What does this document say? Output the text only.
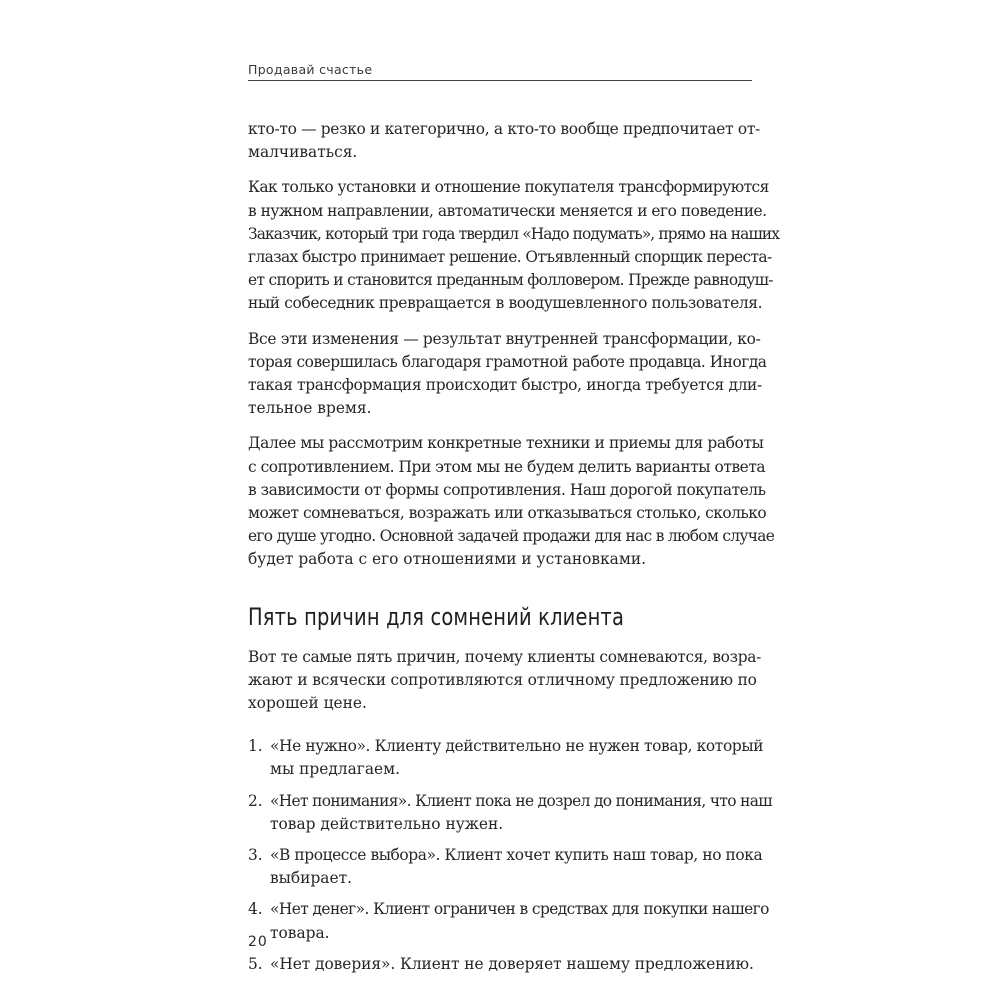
Продавай счастье

кто-то — резко и категорично, а кто-то вообще предпочитает от-
малчиваться.

Как только установки и отношение покупателя трансформируются
в нужном направлении, автоматически меняется и его поведение.
Заказчик, который три года твердил «Надо подумать», прямо на наших
глазах быстро принимает решение. Отъявленный спорщик переста-
ет спорить и становится преданным фолловером. Прежде равнодуш-
ный собеседник превращается в воодушевленного пользователя.

Все эти изменения — результат внутренней трансформации, ко-
торая совершилась благодаря грамотной работе продавца. Иногда
такая трансформация происходит быстро, иногда требуется дли-
тельное время.

Далее мы рассмотрим конкретные техники и приемы для работы
с сопротивлением. При этом мы не будем делить варианты ответа
в зависимости от формы сопротивления. Наш дорогой покупатель
может сомневаться, возражать или отказываться столько, сколько
его душе угодно. Основной задачей продажи для нас в любом случае
будет работа с его отношениями и установками.

Пять причин для сомнений клиента

Вот те самые пять причин, почему клиенты сомневаются, возра-
жают и всячески сопротивляются отличному предложению по
хорошей цене.

1. «Не нужно». Клиенту действительно не нужен товар, который
мы предлагаем.
2. «Нет понимания». Клиент пока не дозрел до понимания, что наш
товар действительно нужен.
3. «В процессе выбора». Клиент хочет купить наш товар, но пока
выбирает.
4. «Нет денег». Клиент ограничен в средствах для покупки нашего
товара.
5. «Нет доверия». Клиент не доверяет нашему предложению.
20
